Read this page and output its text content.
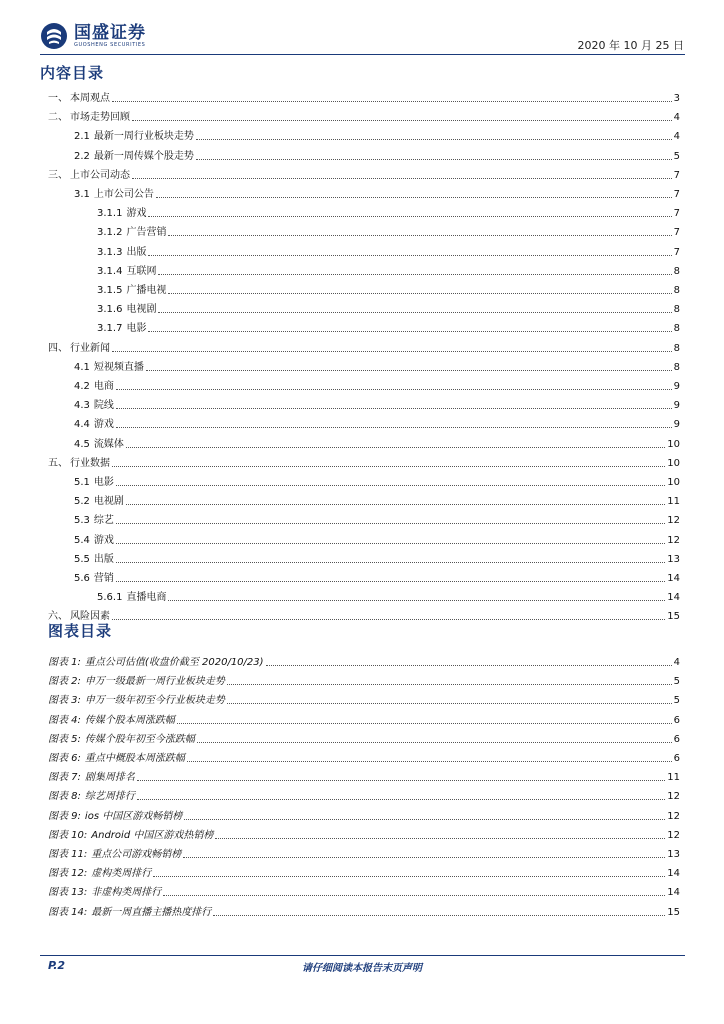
国盛证券
GUOSHENG SECURITIES	2020 年 10 月 25 日
内容目录
一、 本周观点	3
二、 市场走势回顾	4
2.1 最新一周行业板块走势	4
2.2 最新一周传媒个股走势	5
三、 上市公司动态	7
3.1 上市公司公告	7
3.1.1 游戏	7
3.1.2 广告营销	7
3.1.3 出版	7
3.1.4 互联网	8
3.1.5 广播电视	8
3.1.6 电视剧	8
3.1.7 电影	8
四、 行业新闻	8
4.1 短视频直播	8
4.2 电商	9
4.3 院线	9
4.4 游戏	9
4.5 流媒体	10
五、 行业数据	10
5.1 电影	10
5.2 电视剧	11
5.3 综艺	12
5.4 游戏	12
5.5 出版	13
5.6 营销	14
5.6.1 直播电商	14
六、 风险因素	15
图表目录
图表 1: 重点公司估值(收盘价截至 2020/10/23)	4
图表 2: 申万一级最新一周行业板块走势	5
图表 3: 申万一级年初至今行业板块走势	5
图表 4: 传媒个股本周涨跌幅	6
图表 5: 传媒个股年初至今涨跌幅	6
图表 6: 重点中概股本周涨跌幅	6
图表 7: 剧集周排名	11
图表 8: 综艺周排行	12
图表 9: ios 中国区游戏畅销榜	12
图表 10: Android 中国区游戏热销榜	12
图表 11: 重点公司游戏畅销榜	13
图表 12: 虚构类周排行	14
图表 13: 非虚构类周排行	14
图表 14: 最新一周直播主播热度排行	15
P.2	请仔细阅读本报告末页声明
